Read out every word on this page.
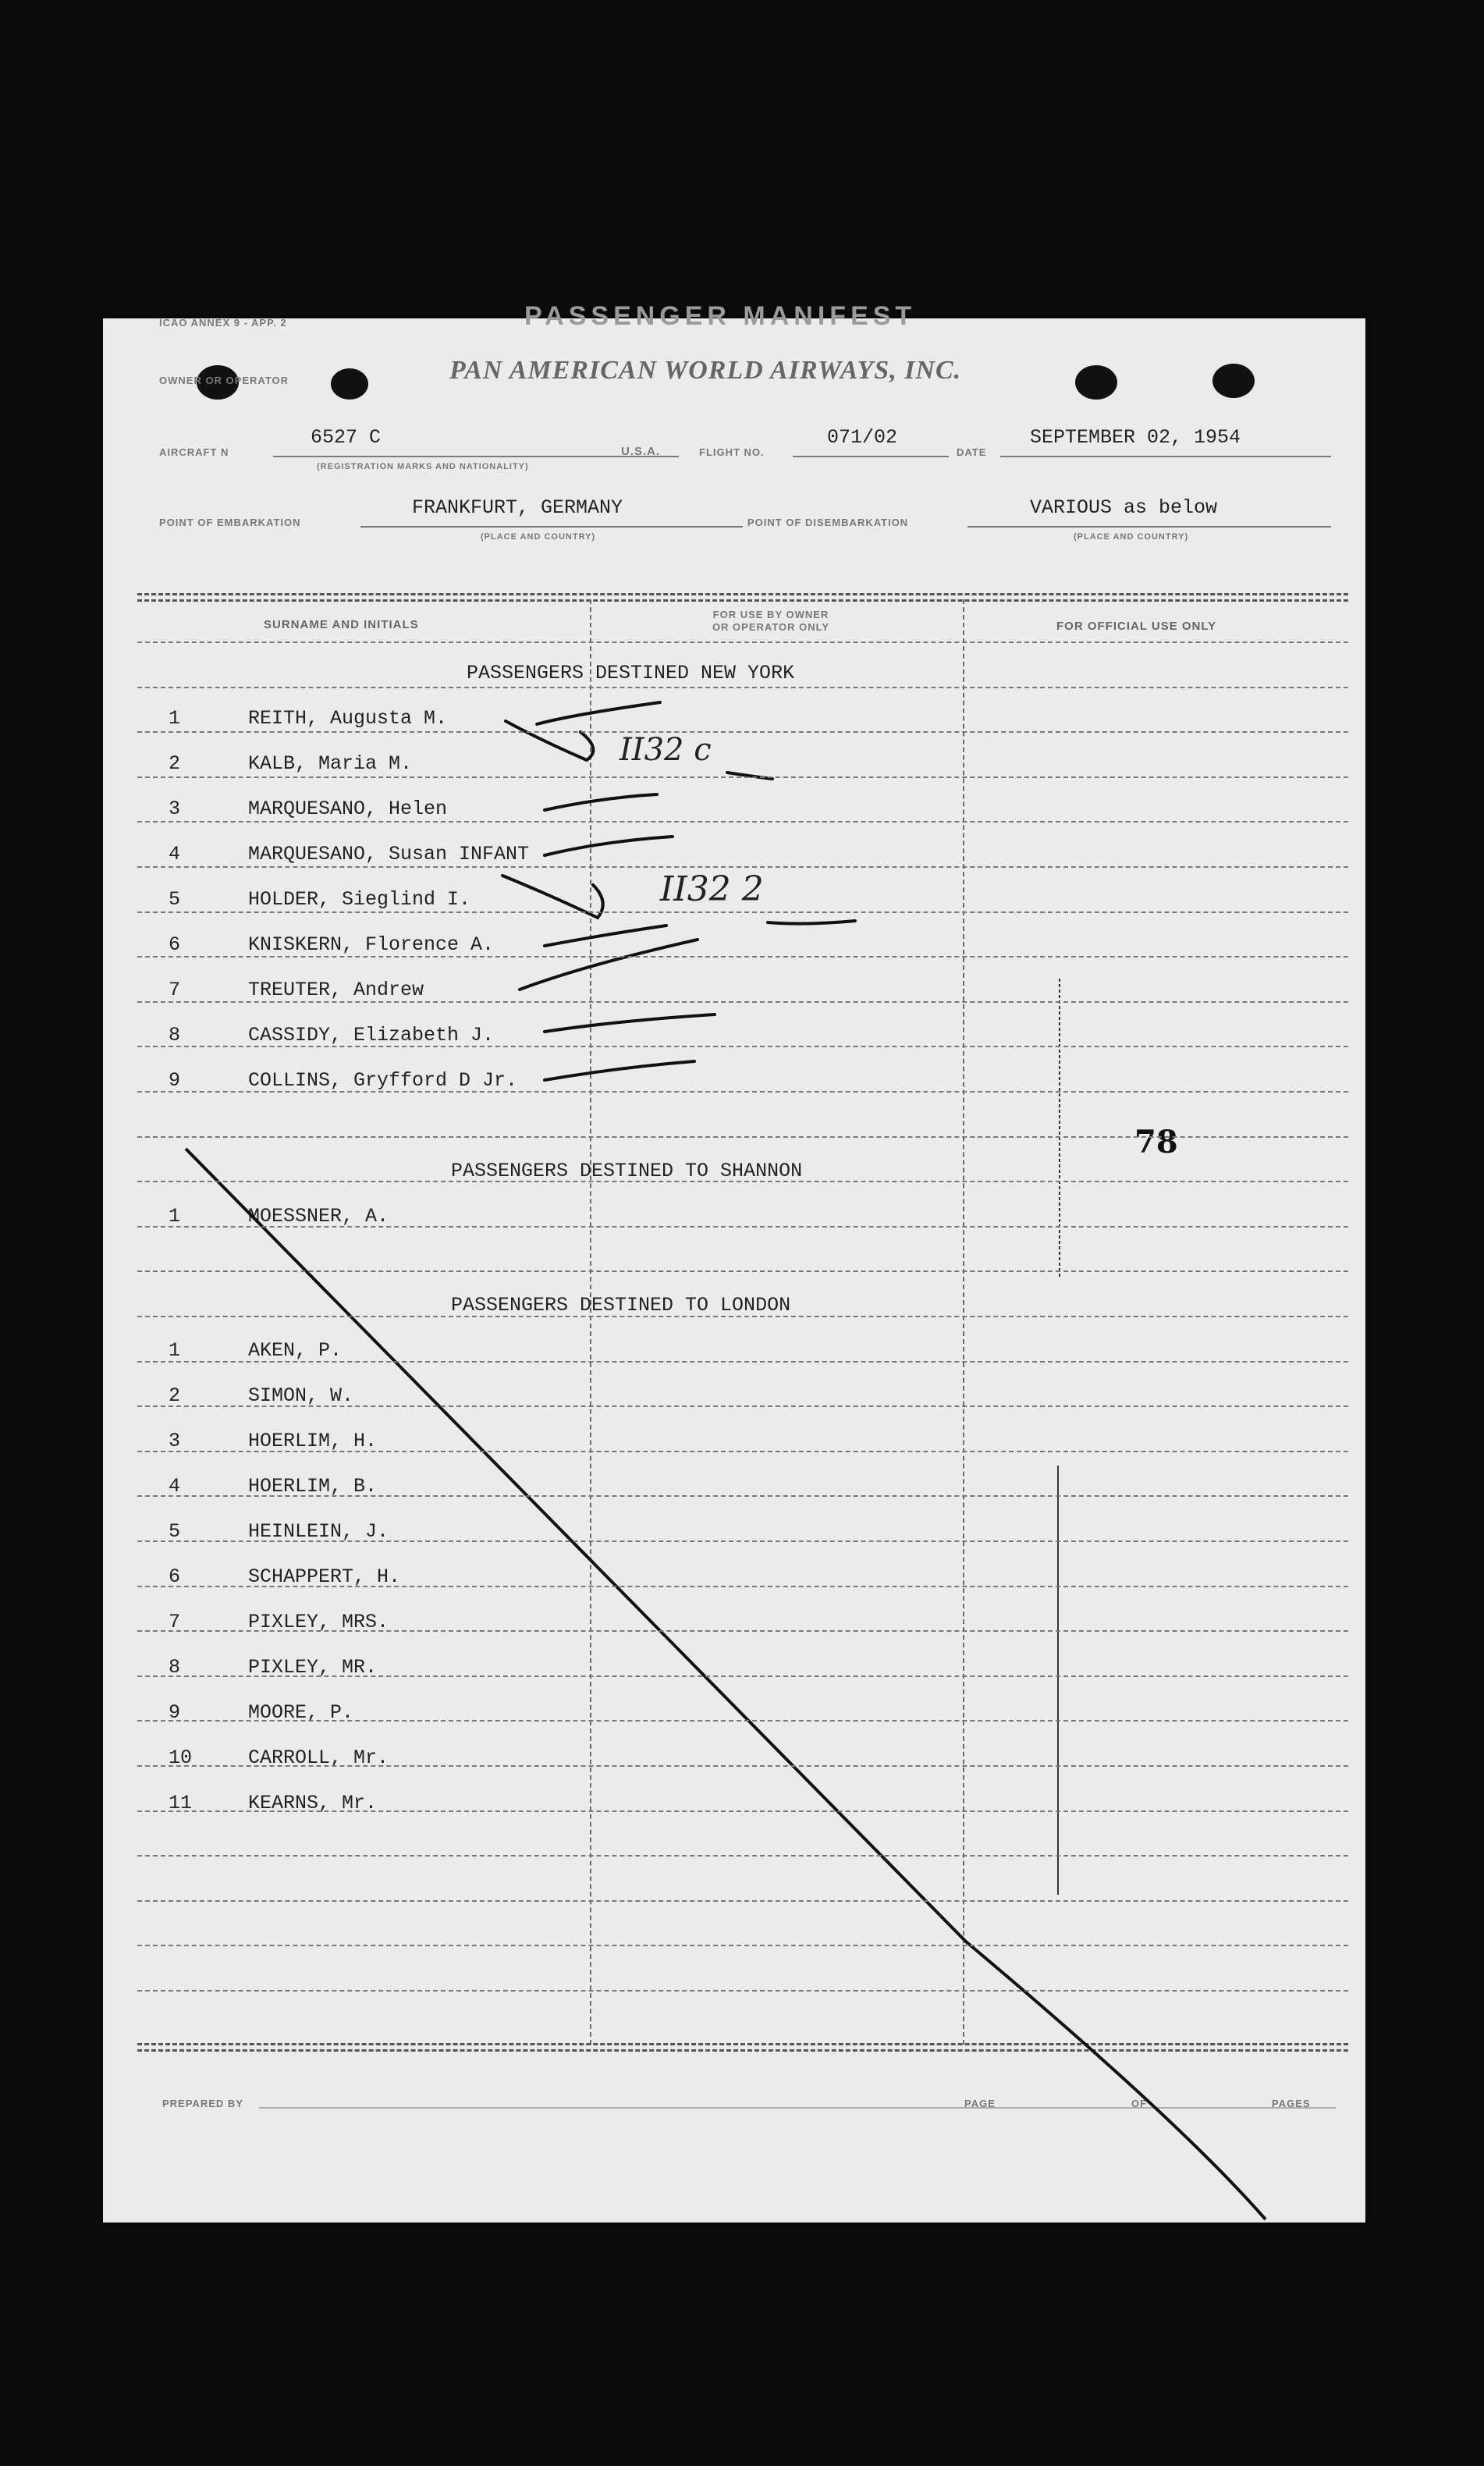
ICAO ANNEX 9 - APP. 2	PASSENGER MANIFEST
OWNER OR OPERATOR	PAN AMERICAN WORLD AIRWAYS, INC.
AIRCRAFT N
6527 C
(REGISTRATION MARKS AND NATIONALITY)
U.S.A.	FLIGHT NO.
071/02
DATE
SEPTEMBER 02, 1954
POINT OF EMBARKATION
FRANKFURT, GERMANY
(PLACE AND COUNTRY)
POINT OF DISEMBARKATION
VARIOUS as below
(PLACE AND COUNTRY)
SURNAME AND INITIALS
FOR USE BY OWNER
OR OPERATOR ONLY	FOR OFFICIAL USE ONLY
PASSENGERS DESTINED NEW YORK
1	REITH, Augusta M.
2	KALB, Maria M.
3	MARQUESANO, Helen
4	MARQUESANO, Susan INFANT
5	HOLDER, Sieglind I.
6	KNISKERN, Florence A.
7	TREUTER, Andrew
8	CASSIDY, Elizabeth J.
9	COLLINS, Gryfford D Jr.
PASSENGERS DESTINED TO SHANNON
1	MOESSNER, A.
PASSENGERS DESTINED TO LONDON
1	AKEN, P.
2	SIMON, W.
3	HOERLIM, H.
4	HOERLIM, B.
5	HEINLEIN, J.
6	SCHAPPERT, H.
7	PIXLEY, MRS.
8	PIXLEY, MR.
9	MOORE, P.
10	CARROLL, Mr.
11	KEARNS, Mr.
PREPARED BY	PAGE	OF	PAGES
II32 c
II32 2
78
